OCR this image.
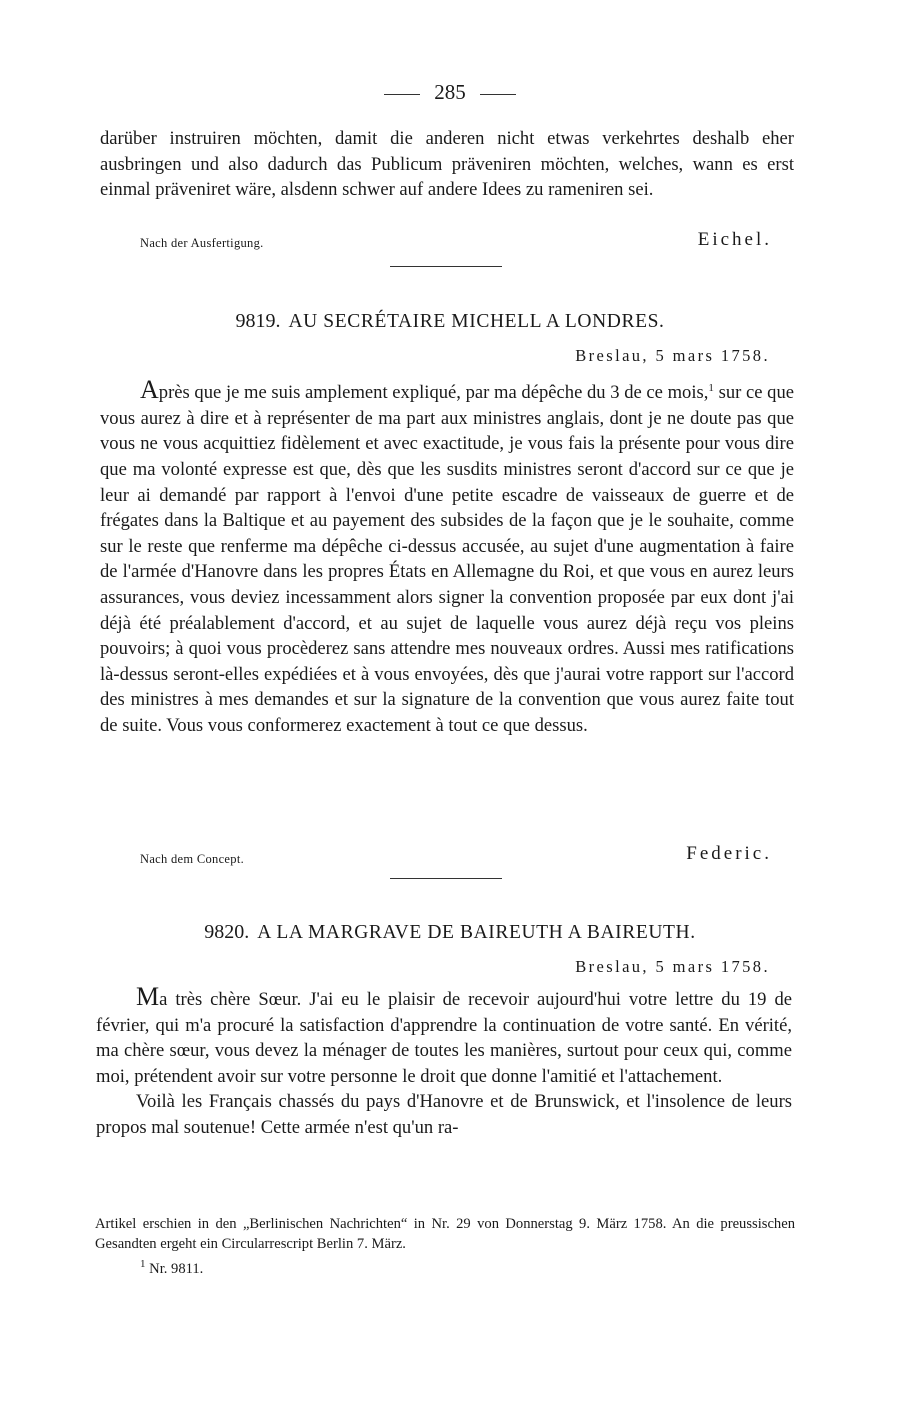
285

darüber instruiren möchten, damit die anderen nicht etwas verkehrtes deshalb eher ausbringen und also dadurch das Publicum präveniren möchten, welches, wann es erst einmal präveniret wäre, alsdenn schwer auf andere Idees zu rameniren sei.

Nach der Ausfertigung.	Eichel.
9819. AU SECRÉTAIRE MICHELL A LONDRES.
Breslau, 5 mars 1758.

Après que je me suis amplement expliqué, par ma dépêche du 3 de ce mois,$^1$ sur ce que vous aurez à dire et à représenter de ma part aux ministres anglais, dont je ne doute pas que vous ne vous acquittiez fidèlement et avec exactitude, je vous fais la présente pour vous dire que ma volonté expresse est que, dès que les susdits ministres seront d'accord sur ce que je leur ai demandé par rapport à l'envoi d'une petite escadre de vaisseaux de guerre et de frégates dans la Baltique et au payement des subsides de la façon que je le souhaite, comme sur le reste que renferme ma dépêche ci-dessus accusée, au sujet d'une augmentation à faire de l'armée d'Hanovre dans les propres États en Allemagne du Roi, et que vous en aurez leurs assurances, vous deviez incessamment alors signer la convention proposée par eux dont j'ai déjà été préalablement d'accord, et au sujet de laquelle vous aurez déjà reçu vos pleins pouvoirs; à quoi vous procèderez sans attendre mes nouveaux ordres. Aussi mes ratifications là-dessus seront-elles expédiées et à vous envoyées, dès que j'aurai votre rapport sur l'accord des ministres à mes demandes et sur la signature de la convention que vous aurez faite tout de suite. Vous vous conformerez exactement à tout ce que dessus.

Nach dem Concept.	Federic.
9820. A LA MARGRAVE DE BAIREUTH A BAIREUTH.
Breslau, 5 mars 1758.

Ma très chère Sœur. J'ai eu le plaisir de recevoir aujourd'hui votre lettre du 19 de février, qui m'a procuré la satisfaction d'apprendre la continuation de votre santé. En vérité, ma chère sœur, vous devez la ménager de toutes les manières, surtout pour ceux qui, comme moi, prétendent avoir sur votre personne le droit que donne l'amitié et l'attachement.

Voilà les Français chassés du pays d'Hanovre et de Brunswick, et l'insolence de leurs propos mal soutenue! Cette armée n'est qu'un ra-

Artikel erschien in den „Berlinischen Nachrichten“ in Nr. 29 von Donnerstag 9. März 1758. An die preussischen Gesandten ergeht ein Circularrescript Berlin 7. März.

$^1$ Nr. 9811.
